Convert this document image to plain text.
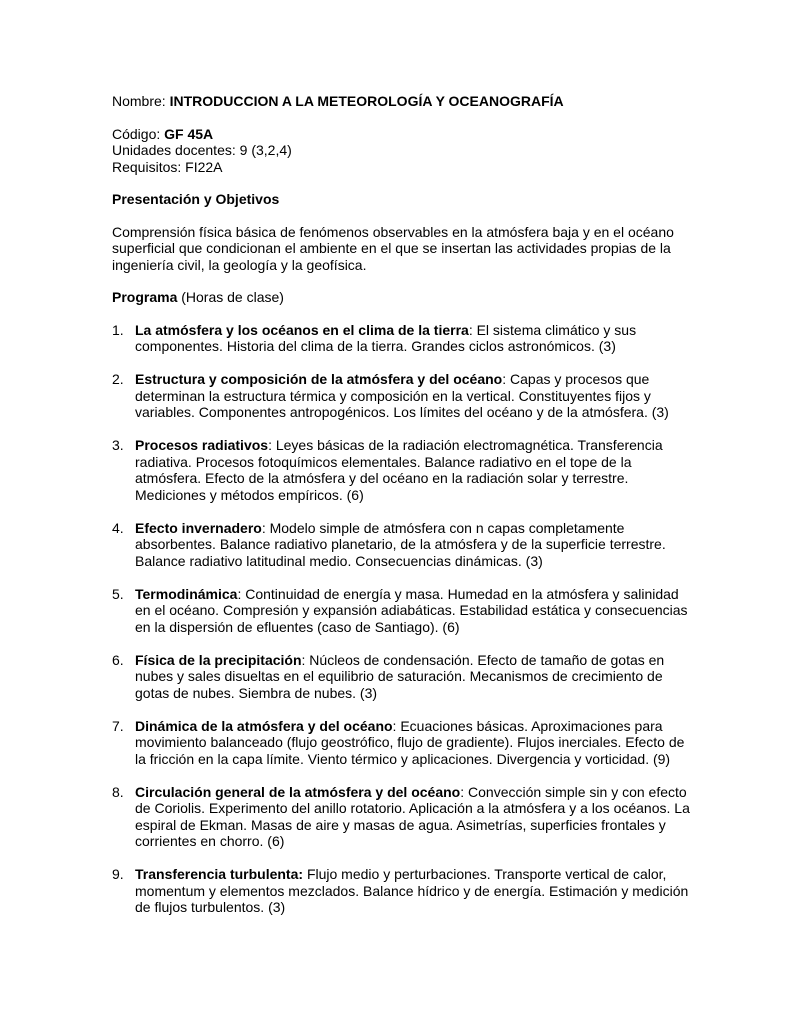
Nombre: INTRODUCCION A LA METEOROLOGÍA Y OCEANOGRAFÍA

Código: GF 45A

Unidades docentes: 9 (3,2,4)

Requisitos: FI22A

Presentación y Objetivos

Comprensión física básica de fenómenos observables en la atmósfera baja y en el océano superficial que condicionan el ambiente en el que se insertan las actividades propias de la ingeniería civil, la geología y la geofísica.

Programa (Horas de clase)

1. La atmósfera y los océanos en el clima de la tierra: El sistema climático y sus componentes. Historia del clima de la tierra. Grandes ciclos astronómicos. (3)
2. Estructura y composición de la atmósfera y del océano: Capas y procesos que determinan la estructura térmica y composición en la vertical. Constituyentes fijos y variables. Componentes antropogénicos. Los límites del océano y de la atmósfera. (3)
3. Procesos radiativos: Leyes básicas de la radiación electromagnética. Transferencia radiativa. Procesos fotoquímicos elementales. Balance radiativo en el tope de la atmósfera. Efecto de la atmósfera y del océano en la radiación solar y terrestre. Mediciones y métodos empíricos. (6)
4. Efecto invernadero: Modelo simple de atmósfera con n capas completamente absorbentes. Balance radiativo planetario, de la atmósfera y de la superficie terrestre. Balance radiativo latitudinal medio. Consecuencias dinámicas. (3)
5. Termodinámica: Continuidad de energía y masa. Humedad en la atmósfera y salinidad en el océano. Compresión y expansión adiabáticas. Estabilidad estática y consecuencias en la dispersión de efluentes (caso de Santiago). (6)
6. Física de la precipitación: Núcleos de condensación. Efecto de tamaño de gotas en nubes y sales disueltas en el equilibrio de saturación. Mecanismos de crecimiento de gotas de nubes. Siembra de nubes. (3)
7. Dinámica de la atmósfera y del océano: Ecuaciones básicas. Aproximaciones para movimiento balanceado (flujo geostrófico, flujo de gradiente). Flujos inerciales. Efecto de la fricción en la capa límite. Viento térmico y aplicaciones. Divergencia y vorticidad. (9)
8. Circulación general de la atmósfera y del océano: Convección simple sin y con efecto de Coriolis. Experimento del anillo rotatorio. Aplicación a la atmósfera y a los océanos. La espiral de Ekman. Masas de aire y masas de agua. Asimetrías, superficies frontales y corrientes en chorro. (6)
9. Transferencia turbulenta: Flujo medio y perturbaciones. Transporte vertical de calor, momentum y elementos mezclados. Balance hídrico y de energía. Estimación y medición de flujos turbulentos. (3)
